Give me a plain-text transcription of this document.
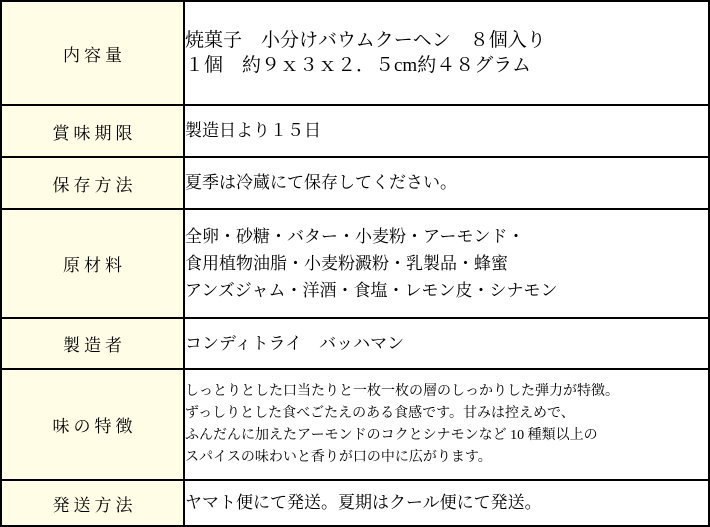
内容量	焼菓子　小分けバウムクーヘン　８個入り
１個　約９ｘ３ｘ２．５cm約４８グラム

賞味期限	製造日より１５日

保存方法	夏季は冷蔵にて保存してください。

原材料	全卵・砂糖・バター・小麦粉・アーモンド・
食用植物油脂・小麦粉澱粉・乳製品・蜂蜜
アンズジャム・洋酒・食塩・レモン皮・シナモン

製造者	コンディトライ　バッハマン

味の特徴	しっとりとした口当たりと一枚一枚の層のしっかりした弾力が特徴。
ずっしりとした食べごたえのある食感です。甘みは控えめで、
ふんだんに加えたアーモンドのコクとシナモンなど 10 種類以上の
スパイスの味わいと香りが口の中に広がります。

発送方法	ヤマト便にて発送。夏期はクール便にて発送。
